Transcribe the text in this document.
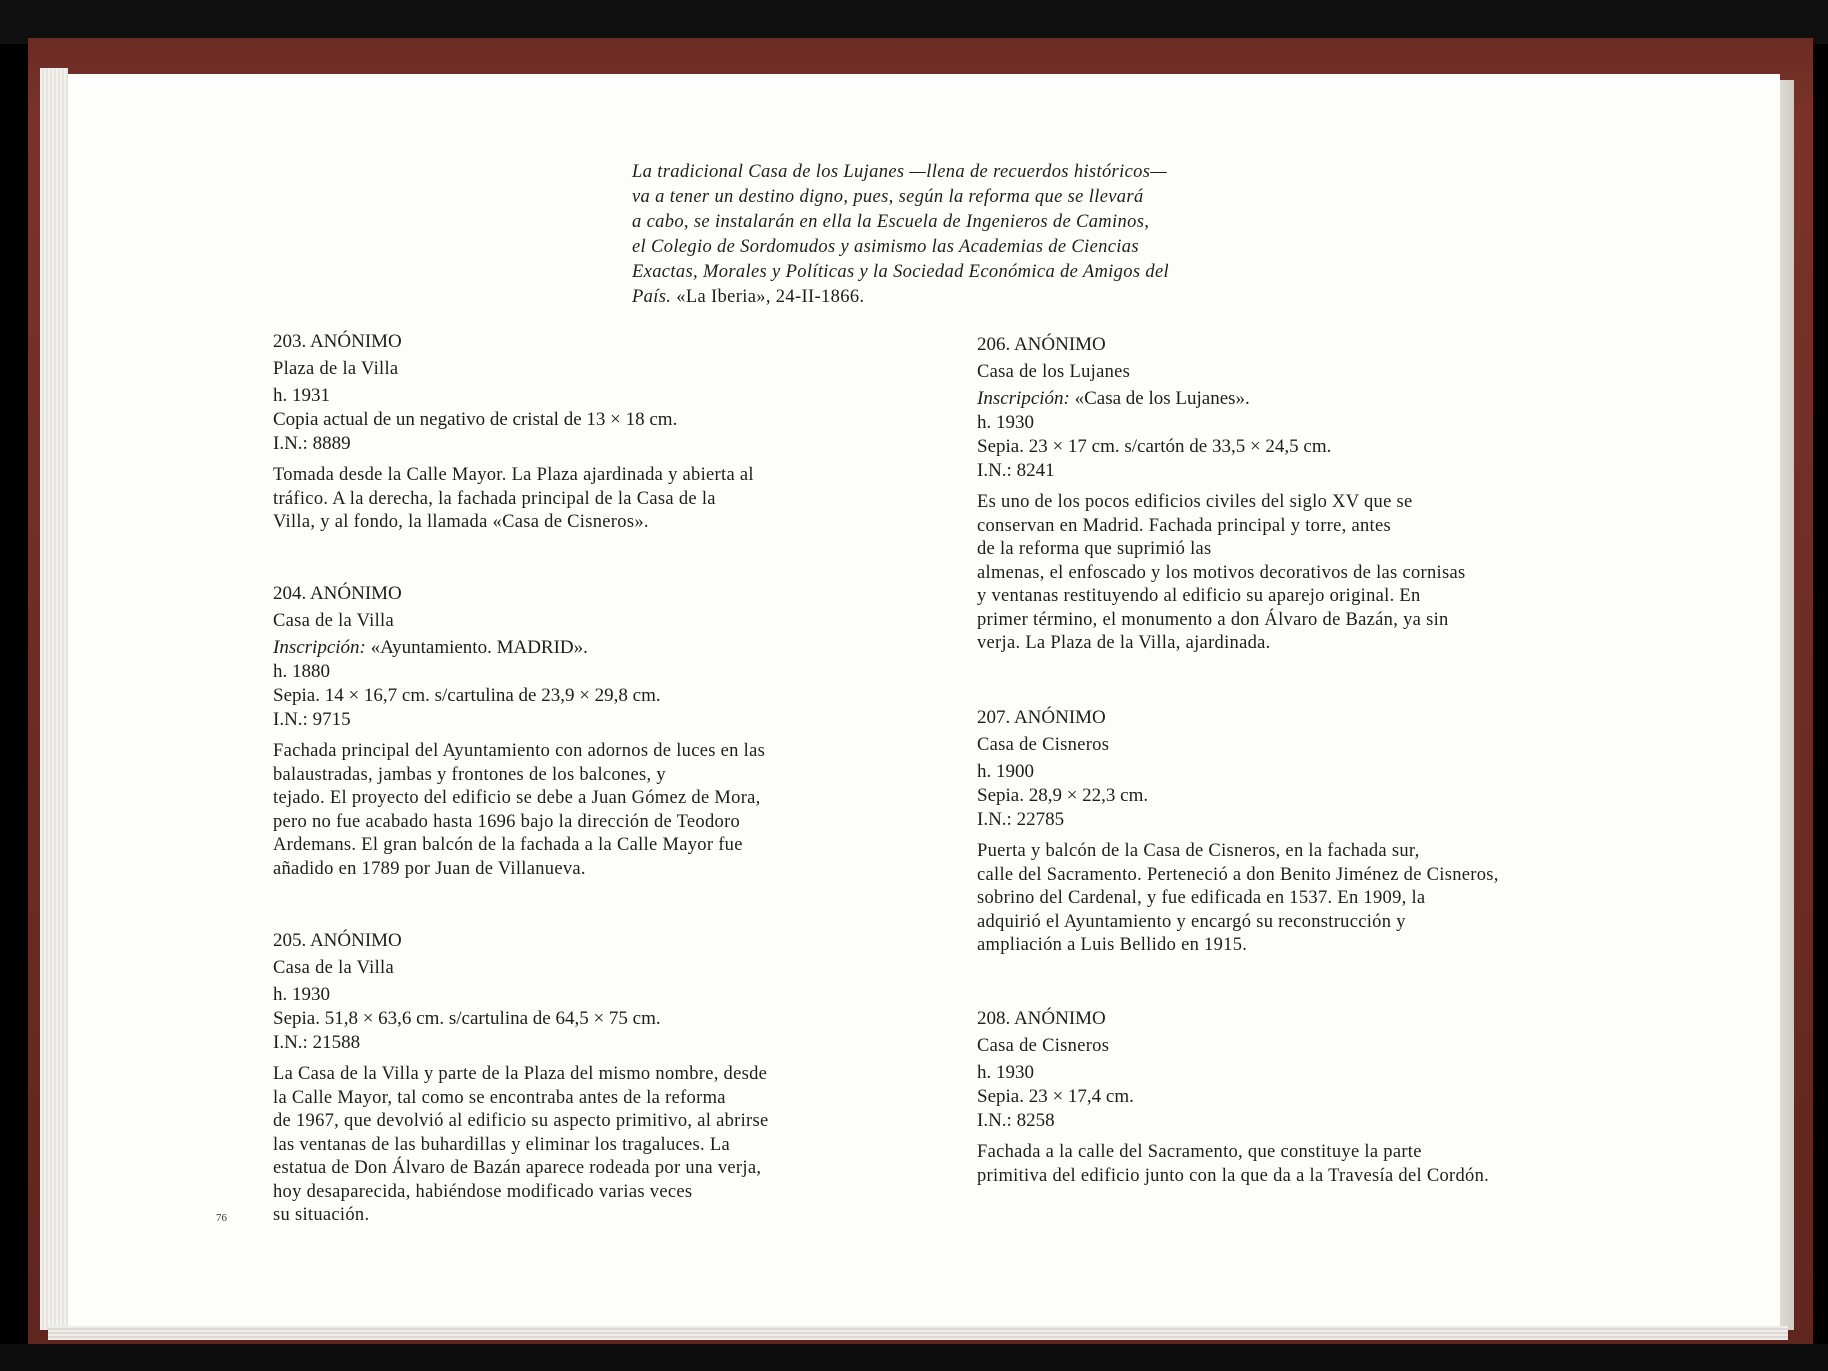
La tradicional Casa de los Lujanes —llena de recuerdos históricos—
va a tener un destino digno, pues, según la reforma que se llevará
a cabo, se instalarán en ella la Escuela de Ingenieros de Caminos,
el Colegio de Sordomudos y asimismo las Academias de Ciencias
Exactas, Morales y Políticas y la Sociedad Económica de Amigos del
País. «La Iberia», 24-II-1866.
203. ANÓNIMO
Plaza de la Villa
h. 1931
Copia actual de un negativo de cristal de 13 × 18 cm.
I.N.: 8889
Tomada desde la Calle Mayor. La Plaza ajardinada y abierta al
tráfico. A la derecha, la fachada principal de la Casa de la
Villa, y al fondo, la llamada «Casa de Cisneros».
204. ANÓNIMO
Casa de la Villa
Inscripción: «Ayuntamiento. MADRID».
h. 1880
Sepia. 14 × 16,7 cm. s/cartulina de 23,9 × 29,8 cm.
I.N.: 9715
Fachada principal del Ayuntamiento con adornos de luces en las
balaustradas, jambas y frontones de los balcones, y
tejado. El proyecto del edificio se debe a Juan Gómez de Mora,
pero no fue acabado hasta 1696 bajo la dirección de Teodoro
Ardemans. El gran balcón de la fachada a la Calle Mayor fue
añadido en 1789 por Juan de Villanueva.
205. ANÓNIMO
Casa de la Villa
h. 1930
Sepia. 51,8 × 63,6 cm. s/cartulina de 64,5 × 75 cm.
I.N.: 21588
La Casa de la Villa y parte de la Plaza del mismo nombre, desde
la Calle Mayor, tal como se encontraba antes de la reforma
de 1967, que devolvió al edificio su aspecto primitivo, al abrirse
las ventanas de las buhardillas y eliminar los tragaluces. La
estatua de Don Álvaro de Bazán aparece rodeada por una verja,
hoy desaparecida, habiéndose modificado varias veces
su situación.
206. ANÓNIMO
Casa de los Lujanes
Inscripción: «Casa de los Lujanes».
h. 1930
Sepia. 23 × 17 cm. s/cartón de 33,5 × 24,5 cm.
I.N.: 8241
Es uno de los pocos edificios civiles del siglo XV que se
conservan en Madrid. Fachada principal y torre, antes
de la reforma que suprimió las
almenas, el enfoscado y los motivos decorativos de las cornisas
y ventanas restituyendo al edificio su aparejo original. En
primer término, el monumento a don Álvaro de Bazán, ya sin
verja. La Plaza de la Villa, ajardinada.
207. ANÓNIMO
Casa de Cisneros
h. 1900
Sepia. 28,9 × 22,3 cm.
I.N.: 22785
Puerta y balcón de la Casa de Cisneros, en la fachada sur,
calle del Sacramento. Perteneció a don Benito Jiménez de Cisneros,
sobrino del Cardenal, y fue edificada en 1537. En 1909, la
adquirió el Ayuntamiento y encargó su reconstrucción y
ampliación a Luis Bellido en 1915.
208. ANÓNIMO
Casa de Cisneros
h. 1930
Sepia. 23 × 17,4 cm.
I.N.: 8258
Fachada a la calle del Sacramento, que constituye la parte
primitiva del edificio junto con la que da a la Travesía del Cordón.
76
